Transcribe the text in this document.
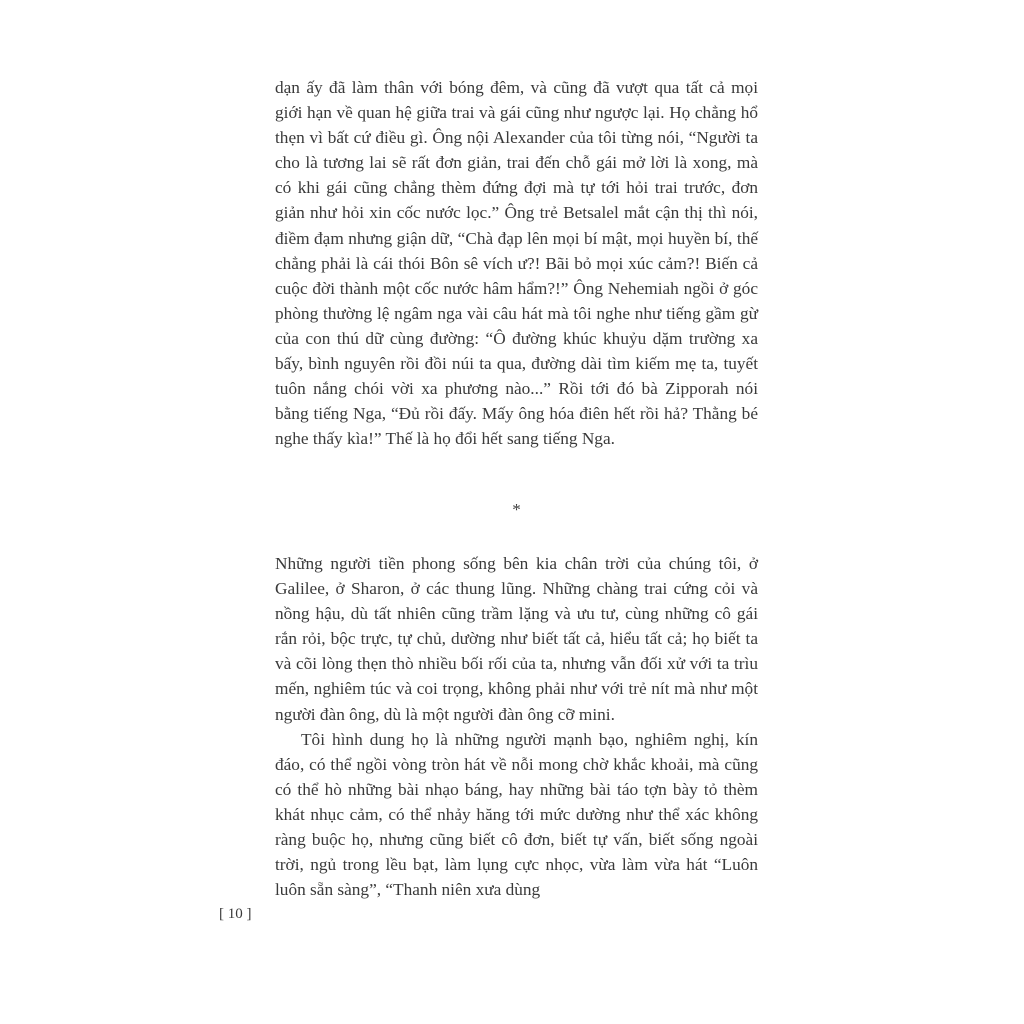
dạn ấy đã làm thân với bóng đêm, và cũng đã vượt qua tất cả mọi giới hạn về quan hệ giữa trai và gái cũng như ngược lại. Họ chẳng hổ thẹn vì bất cứ điều gì. Ông nội Alexander của tôi từng nói, “Người ta cho là tương lai sẽ rất đơn giản, trai đến chỗ gái mở lời là xong, mà có khi gái cũng chẳng thèm đứng đợi mà tự tới hỏi trai trước, đơn giản như hỏi xin cốc nước lọc.” Ông trẻ Betsalel mắt cận thị thì nói, điềm đạm nhưng giận dữ, “Chà đạp lên mọi bí mật, mọi huyền bí, thế chẳng phải là cái thói Bôn sê vích ư?! Bãi bỏ mọi xúc cảm?! Biến cả cuộc đời thành một cốc nước hâm hẩm?!” Ông Nehemiah ngồi ở góc phòng thường lệ ngâm nga vài câu hát mà tôi nghe như tiếng gầm gừ của con thú dữ cùng đường: “Ô đường khúc khuỷu dặm trường xa bấy, bình nguyên rồi đồi núi ta qua, đường dài tìm kiếm mẹ ta, tuyết tuôn nắng chói vời xa phương nào...” Rồi tới đó bà Zipporah nói bằng tiếng Nga, “Đủ rồi đấy. Mấy ông hóa điên hết rồi hả? Thằng bé nghe thấy kìa!” Thế là họ đổi hết sang tiếng Nga.

*

Những người tiền phong sống bên kia chân trời của chúng tôi, ở Galilee, ở Sharon, ở các thung lũng. Những chàng trai cứng cỏi và nồng hậu, dù tất nhiên cũng trầm lặng và ưu tư, cùng những cô gái rắn rỏi, bộc trực, tự chủ, dường như biết tất cả, hiểu tất cả; họ biết ta và cõi lòng thẹn thò nhiều bối rối của ta, nhưng vẫn đối xử với ta trìu mến, nghiêm túc và coi trọng, không phải như với trẻ nít mà như một người đàn ông, dù là một người đàn ông cỡ mini.

Tôi hình dung họ là những người mạnh bạo, nghiêm nghị, kín đáo, có thể ngồi vòng tròn hát về nỗi mong chờ khắc khoải, mà cũng có thể hò những bài nhạo báng, hay những bài táo tợn bày tỏ thèm khát nhục cảm, có thể nhảy hăng tới mức dường như thể xác không ràng buộc họ, nhưng cũng biết cô đơn, biết tự vấn, biết sống ngoài trời, ngủ trong lều bạt, làm lụng cực nhọc, vừa làm vừa hát “Luôn luôn sẵn sàng”, “Thanh niên xưa dùng

[ 10 ]
